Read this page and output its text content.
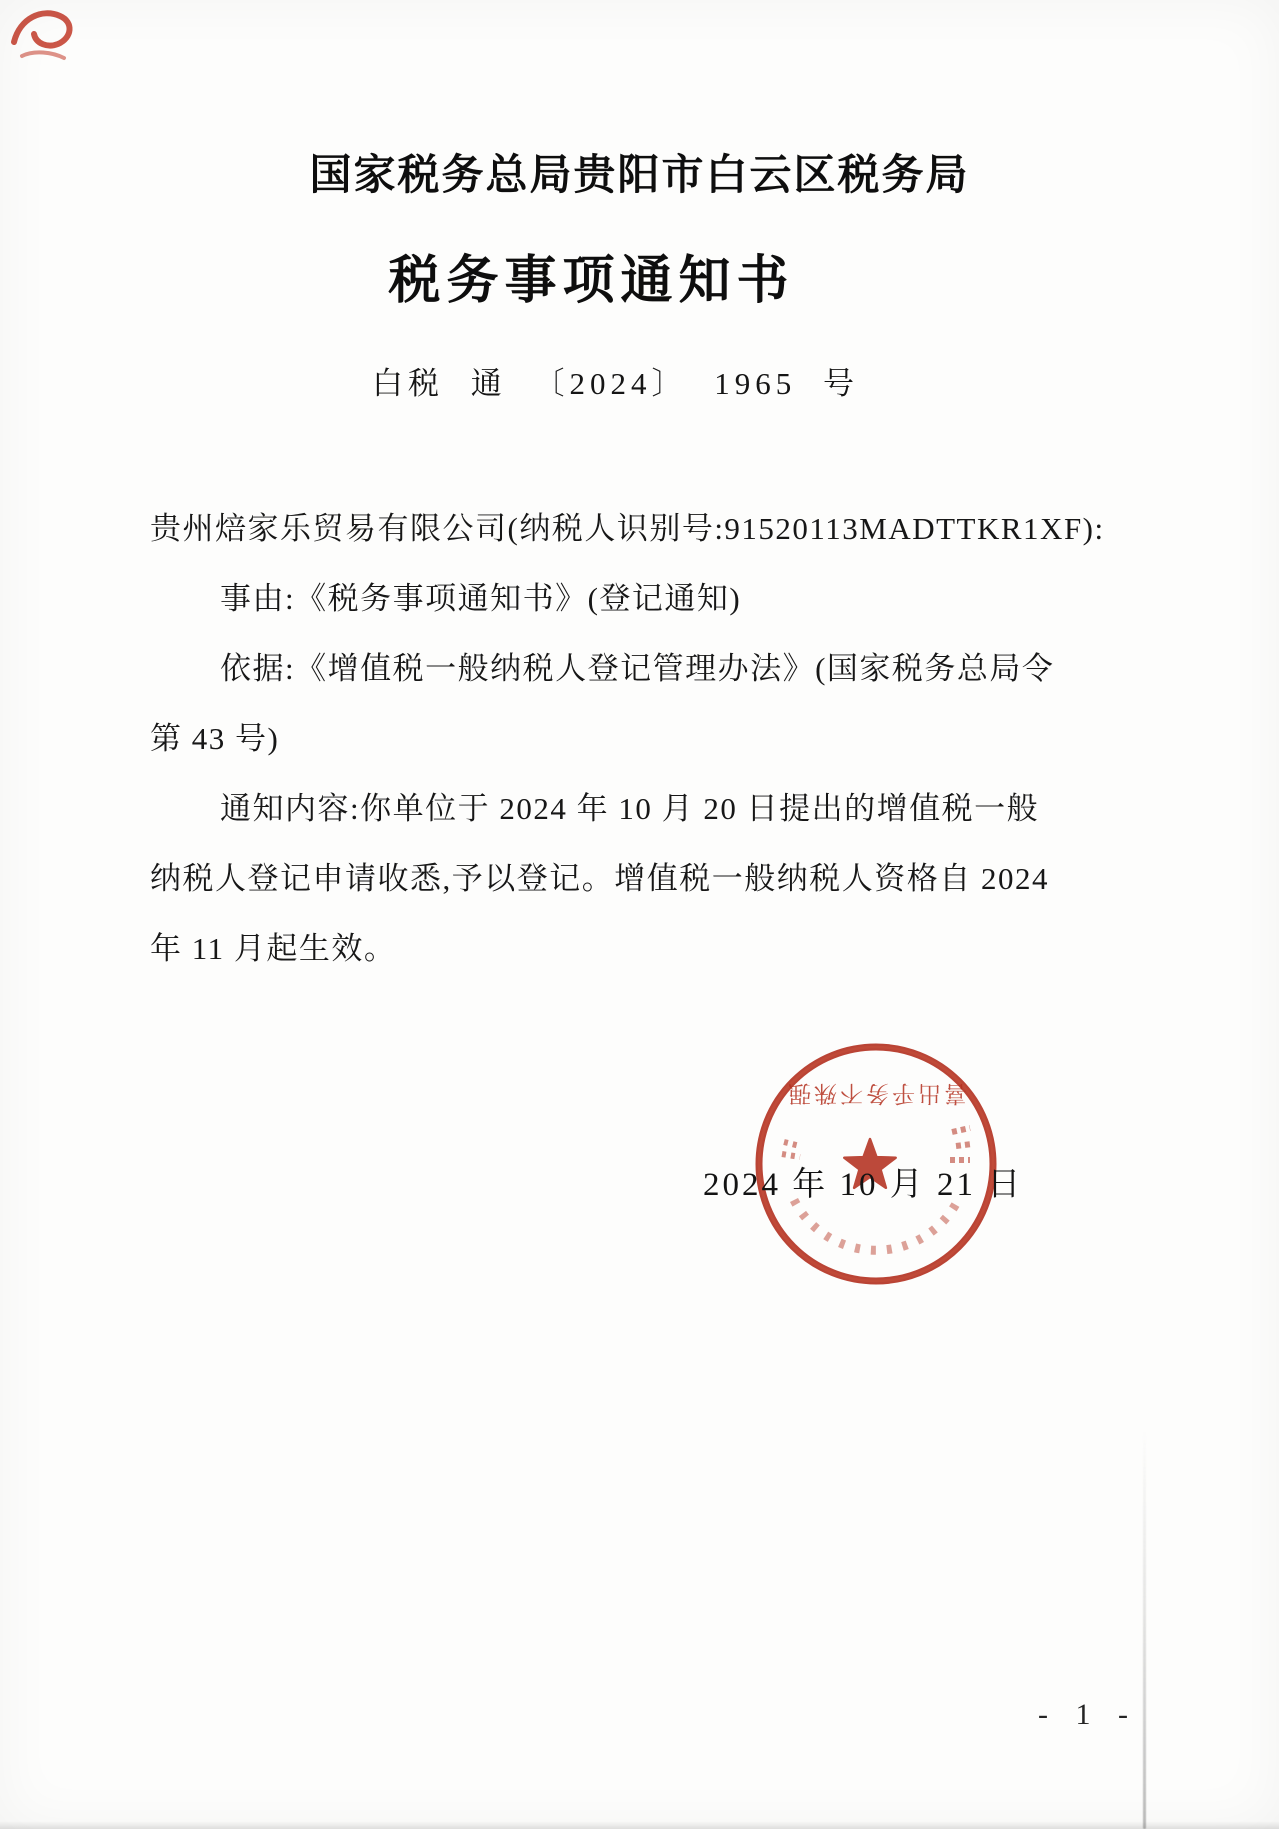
国家税务总局贵阳市白云区税务局
税务事项通知书
白税 通 〔2024〕 1965 号
贵州焙家乐贸易有限公司(纳税人识别号:91520113MADTTKR1XF):
事由:《税务事项通知书》(登记通知)
依据:《增值税一般纳税人登记管理办法》(国家税务总局令
第 43 号)
通知内容:你单位于 2024 年 10 月 20 日提出的增值税一般
纳税人登记申请收悉,予以登记。增值税一般纳税人资格自 2024
年 11 月起生效。
喜出乎务不殊强
2024 年 10 月 21 日
- 1 -
